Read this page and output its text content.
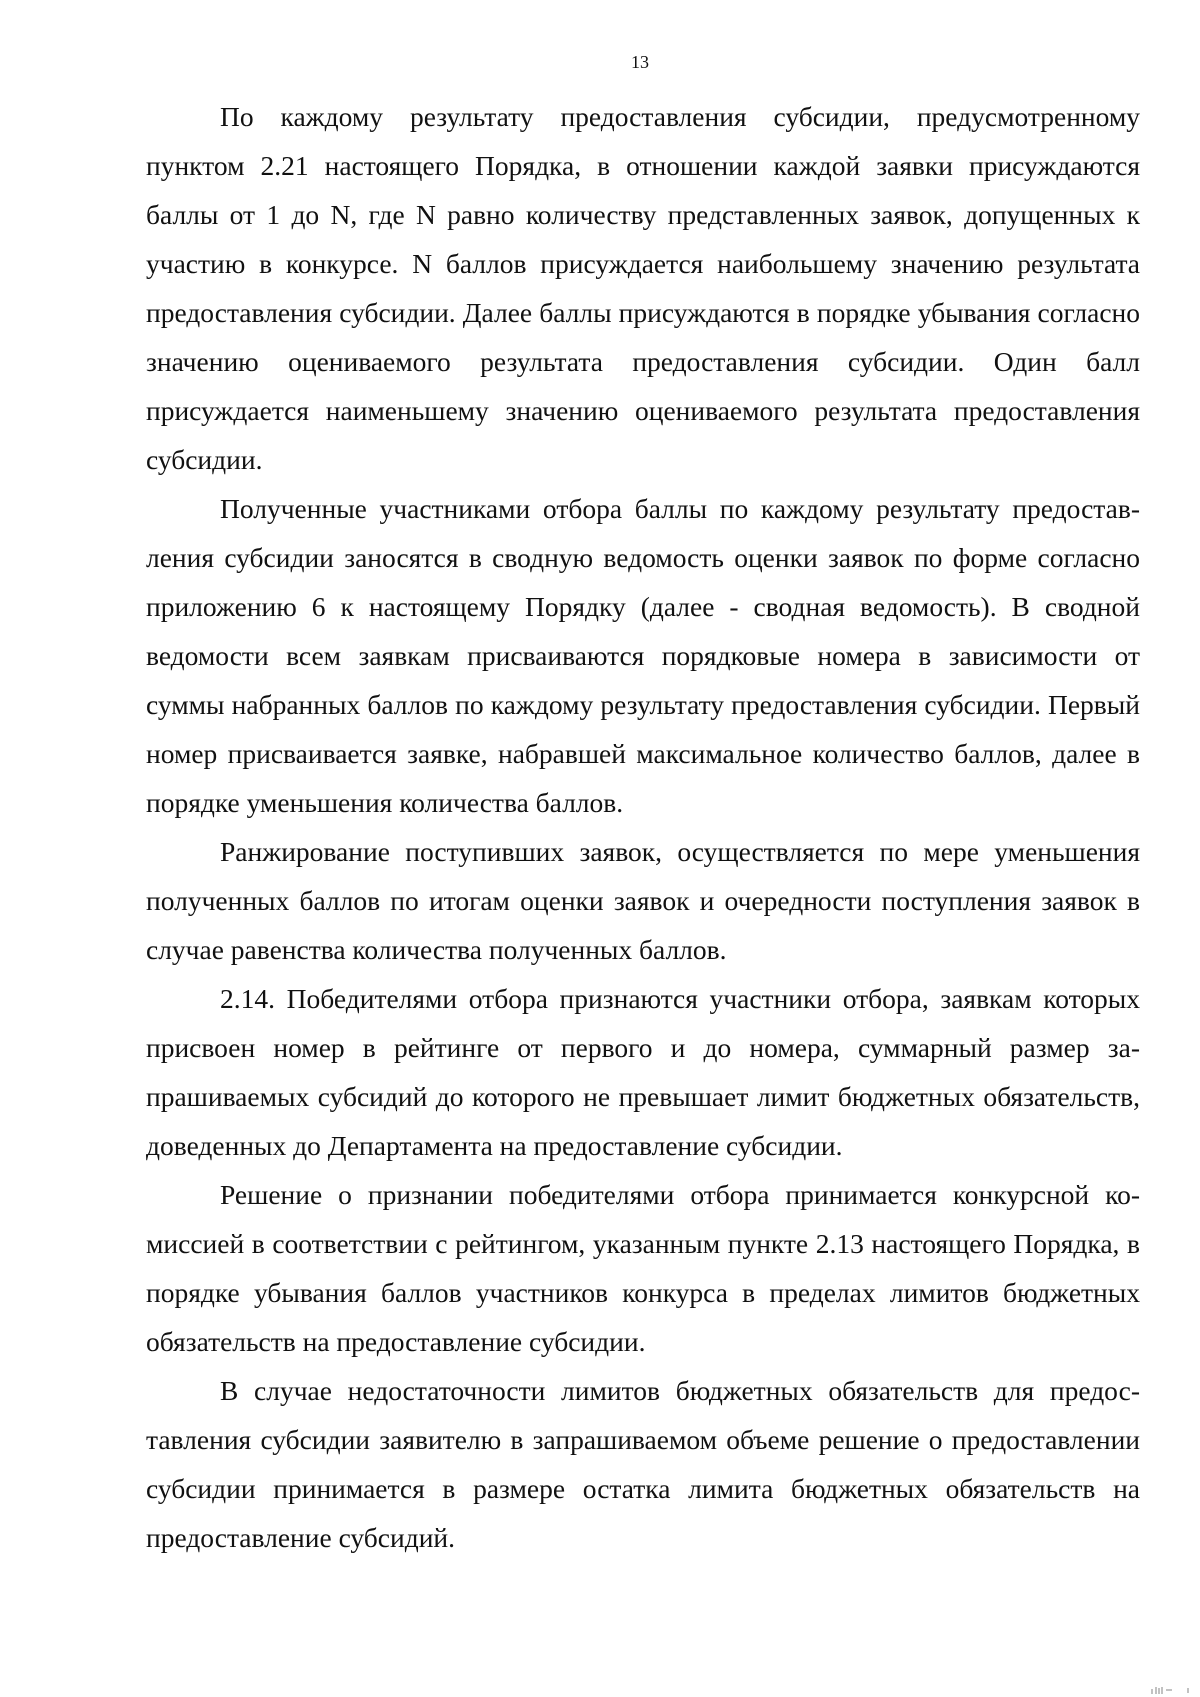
13

По каждому результату предоставления субсидии, предусмотренному пунктом 2.21 настоящего Порядка, в отношении каждой заявки присуждаются баллы от 1 до N, где N равно количеству представленных заявок, допущенных к участию в конкурсе. N баллов присуждается наибольшему значению результата предоставления субсидии. Далее баллы присуждаются в порядке убывания согласно значению оцениваемого результата предоставления субсидии. Один балл присуждается наименьшему значению оцениваемого результата предоставления субсидии.

Полученные участниками отбора баллы по каждому результату предоставления субсидии заносятся в сводную ведомость оценки заявок по форме согласно приложению 6 к настоящему Порядку (далее - сводная ведомость). В сводной ведомости всем заявкам присваиваются порядковые номера в зависимости от суммы набранных баллов по каждому результату предоставления субсидии. Первый номер присваивается заявке, набравшей максимальное количество баллов, далее в порядке уменьшения количества баллов.

Ранжирование поступивших заявок, осуществляется по мере уменьшения полученных баллов по итогам оценки заявок и очередности поступления заявок в случае равенства количества полученных баллов.

2.14. Победителями отбора признаются участники отбора, заявкам которых присвоен номер в рейтинге от первого и до номера, суммарный размер запрашиваемых субсидий до которого не превышает лимит бюджетных обязательств, доведенных до Департамента на предоставление субсидии.

Решение о признании победителями отбора принимается конкурсной комиссией в соответствии с рейтингом, указанным пункте 2.13 настоящего Порядка, в порядке убывания баллов участников конкурса в пределах лимитов бюджетных обязательств на предоставление субсидии.

В случае недостаточности лимитов бюджетных обязательств для предоставления субсидии заявителю в запрашиваемом объеме решение о предоставлении субсидии принимается в размере остатка лимита бюджетных обязательств на предоставление субсидий.
